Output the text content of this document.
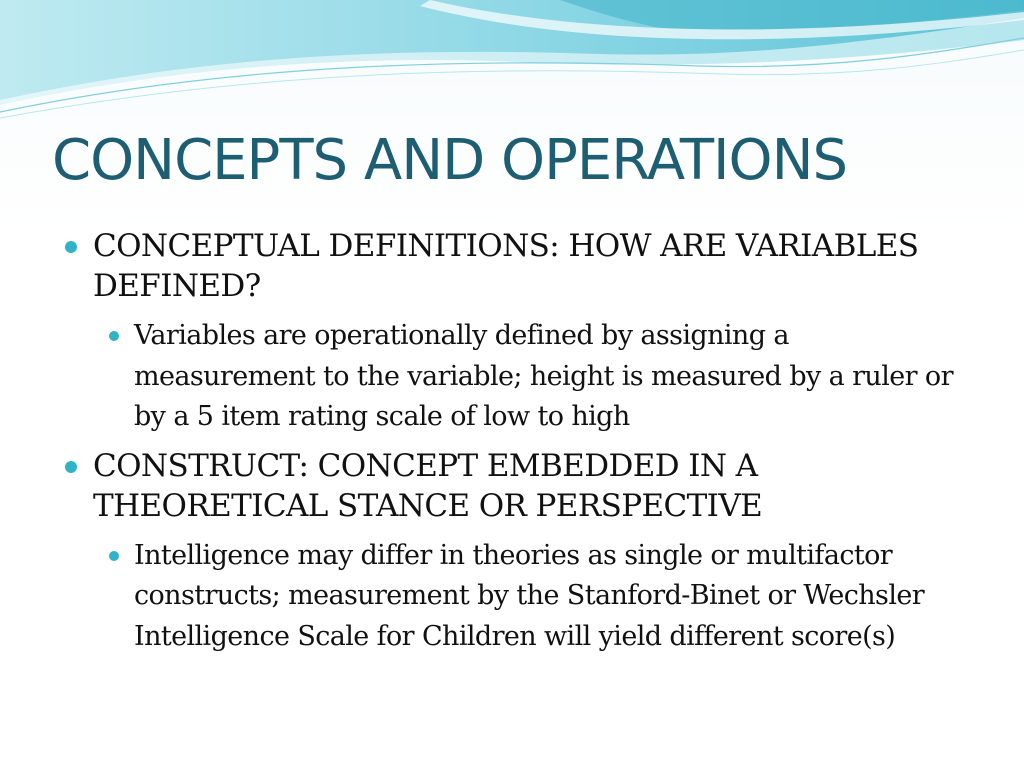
CONCEPTS AND OPERATIONS
CONCEPTUAL DEFINITIONS: HOW ARE VARIABLES DEFINED?
Variables are operationally defined by assigning a measurement to the variable; height is measured by a ruler or by a 5 item rating scale of low to high
CONSTRUCT: CONCEPT EMBEDDED IN A THEORETICAL STANCE OR PERSPECTIVE
Intelligence may differ in theories as single or multifactor constructs; measurement by the Stanford-Binet or Wechsler Intelligence Scale for Children will yield different score(s)
